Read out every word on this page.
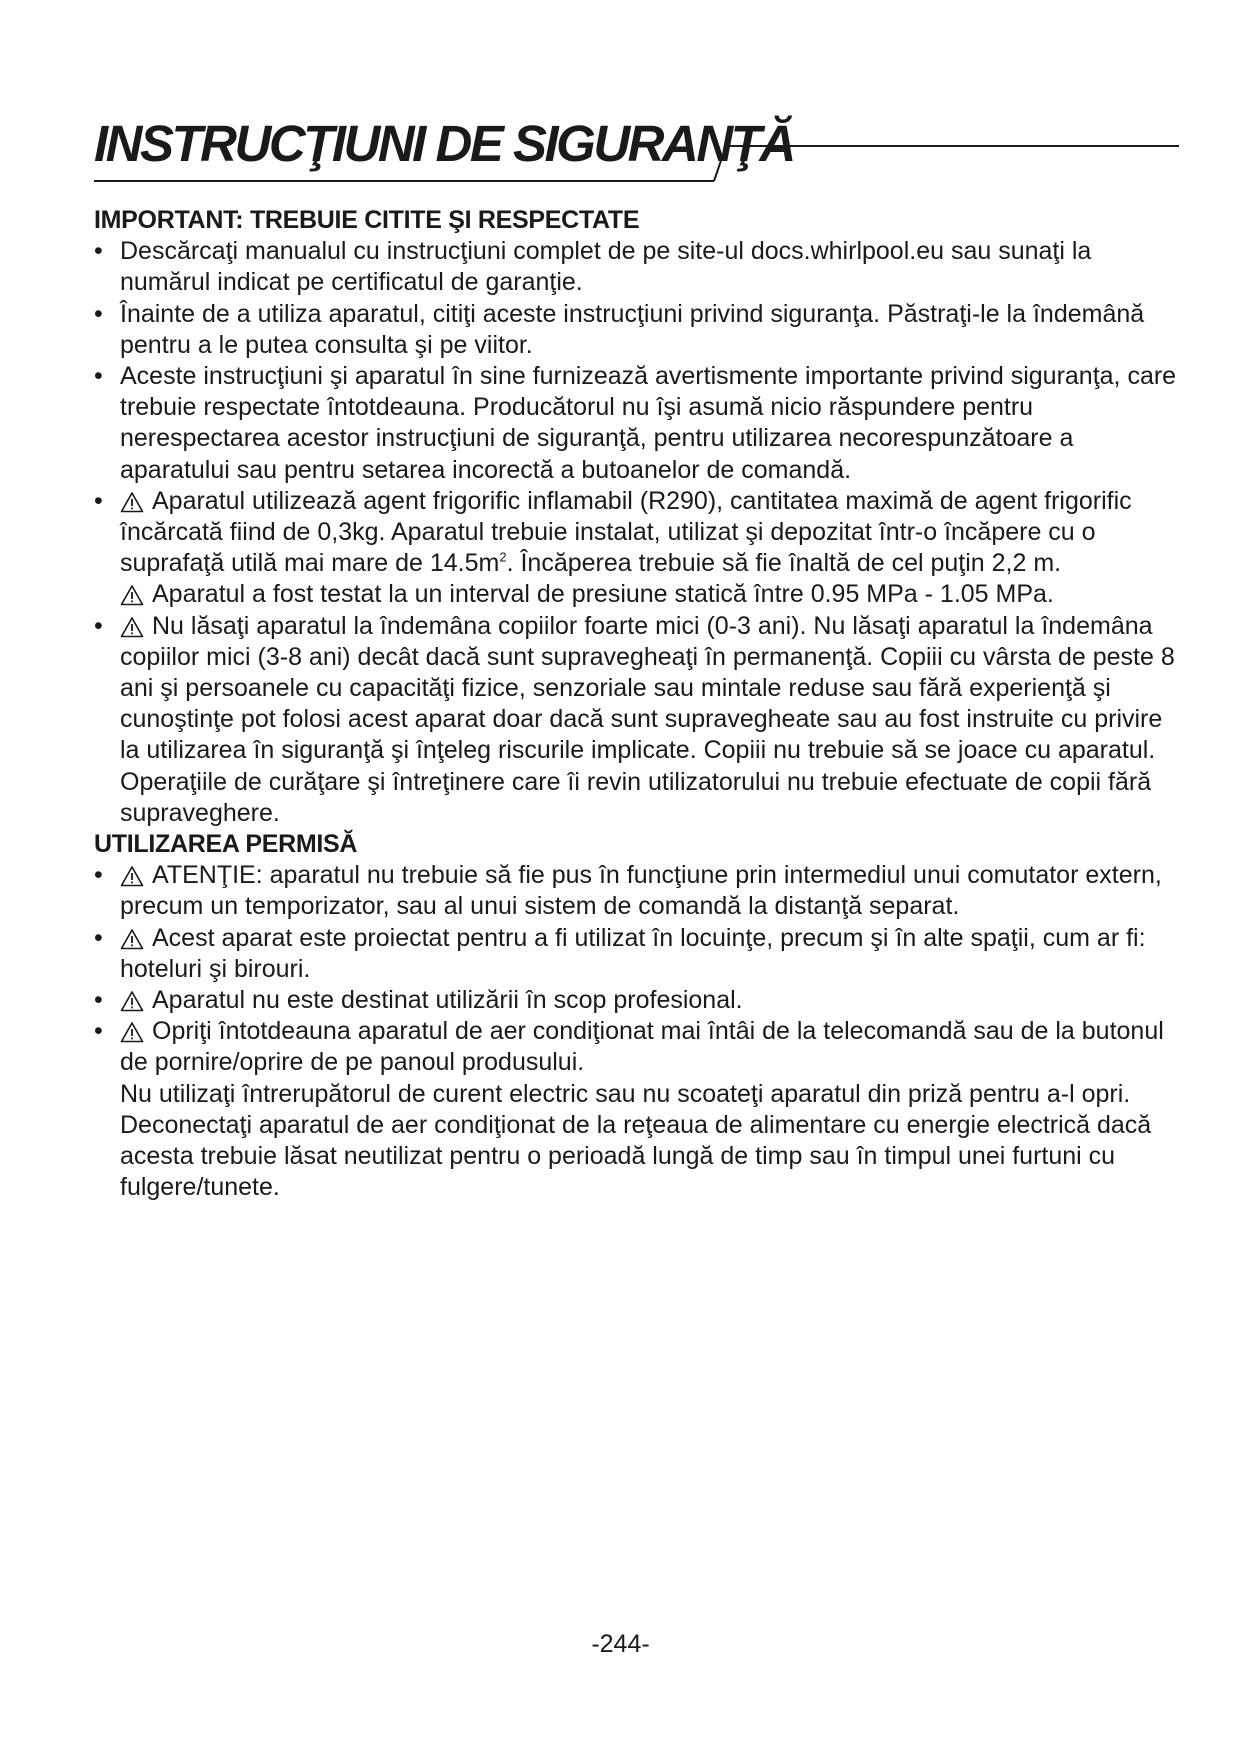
INSTRUCŢIUNI DE SIGURANŢĂ

IMPORTANT: TREBUIE CITITE ŞI RESPECTATE

• Descărcaţi manualul cu instrucţiuni complet de pe site-ul docs.whirlpool.eu sau sunaţi la numărul indicat pe certificatul de garanţie.

• Înainte de a utiliza aparatul, citiţi aceste instrucţiuni privind siguranţa. Păstraţi-le la îndemână pentru a le putea consulta şi pe viitor.

• Aceste instrucţiuni şi aparatul în sine furnizează avertismente importante privind siguranţa, care trebuie respectate întotdeauna. Producătorul nu îşi asumă nicio răspundere pentru nerespectarea acestor instrucţiuni de siguranţă, pentru utilizarea necorespunzătoare a aparatului sau pentru setarea incorectă a butoanelor de comandă.

•	Aparatul utilizează agent frigorific inflamabil (R290), cantitatea maximă de agent frigorific încărcată fiind de 0,3kg. Aparatul trebuie instalat, utilizat şi depozitat într-o încăpere cu o suprafaţă utilă mai mare de $14.5m^2$. Încăperea trebuie să fie înaltă de cel puţin 2,2 m.

Aparatul a fost testat la un interval de presiune statică între 0.95 MPa - 1.05 MPa.

•	Nu lăsaţi aparatul la îndemâna copiilor foarte mici (0-3 ani). Nu lăsaţi aparatul la îndemâna copiilor mici (3-8 ani) decât dacă sunt supravegheaţi în permanenţă. Copiii cu vârsta de peste 8 ani şi persoanele cu capacităţi fizice, senzoriale sau mintale reduse sau fără experienţă şi cunoştinţe pot folosi acest aparat doar dacă sunt supravegheate sau au fost instruite cu privire la utilizarea în siguranţă şi înţeleg riscurile implicate. Copiii nu trebuie să se joace cu aparatul. Operaţiile de curăţare şi întreţinere care îi revin utilizatorului nu trebuie efectuate de copii fără supraveghere.

UTILIZAREA PERMISĂ

•	ATENŢIE: aparatul nu trebuie să fie pus în funcţiune prin intermediul unui comutator extern, precum un temporizator, sau al unui sistem de comandă la distanţă separat.

•	Acest aparat este proiectat pentru a fi utilizat în locuinţe, precum şi în alte spaţii, cum ar fi: hoteluri şi birouri.

•	Aparatul nu este destinat utilizării în scop profesional.

•	Opriţi întotdeauna aparatul de aer condiţionat mai întâi de la telecomandă sau de la butonul de pornire/oprire de pe panoul produsului.

Nu utilizaţi întrerupătorul de curent electric sau nu scoateţi aparatul din priză pentru a-l opri. Deconectaţi aparatul de aer condiţionat de la reţeaua de alimentare cu energie electrică dacă acesta trebuie lăsat neutilizat pentru o perioadă lungă de timp sau în timpul unei furtuni cu fulgere/tunete.

-244-
